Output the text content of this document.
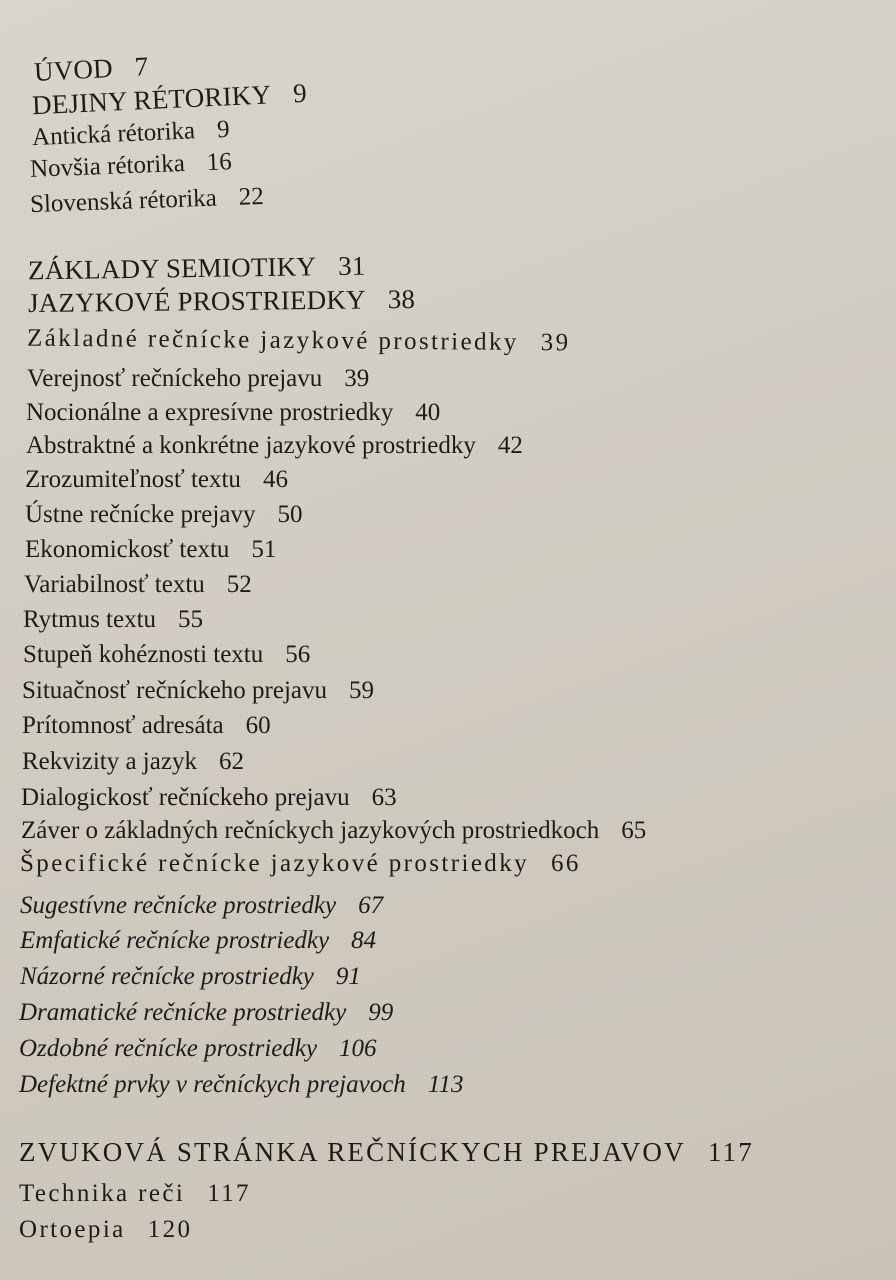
ÚVOD 7
DEJINY RÉTORIKY 9
Antická rétorika 9
Novšia rétorika 16
Slovenská rétorika 22
ZÁKLADY SEMIOTIKY 31
JAZYKOVÉ PROSTRIEDKY 38
Základné rečnícke jazykové prostriedky 39
Verejnosť rečníckeho prejavu 39
Nocionálne a expresívne prostriedky 40
Abstraktné a konkrétne jazykové prostriedky 42
Zrozumiteľnosť textu 46
Ústne rečnícke prejavy 50
Ekonomickosť textu 51
Variabilnosť textu 52
Rytmus textu 55
Stupeň kohéznosti textu 56
Situačnosť rečníckeho prejavu 59
Prítomnosť adresáta 60
Rekvizity a jazyk 62
Dialogickosť rečníckeho prejavu 63
Záver o základných rečníckych jazykových prostriedkoch 65
Špecifické rečnícke jazykové prostriedky 66
Sugestívne rečnícke prostriedky 67
Emfatické rečnícke prostriedky 84
Názorné rečnícke prostriedky 91
Dramatické rečnícke prostriedky 99
Ozdobné rečnícke prostriedky 106
Defektné prvky v rečníckych prejavoch 113
ZVUKOVÁ STRÁNKA REČNÍCKYCH PREJAVOV 117
Technika reči 117
Ortoepia 120
